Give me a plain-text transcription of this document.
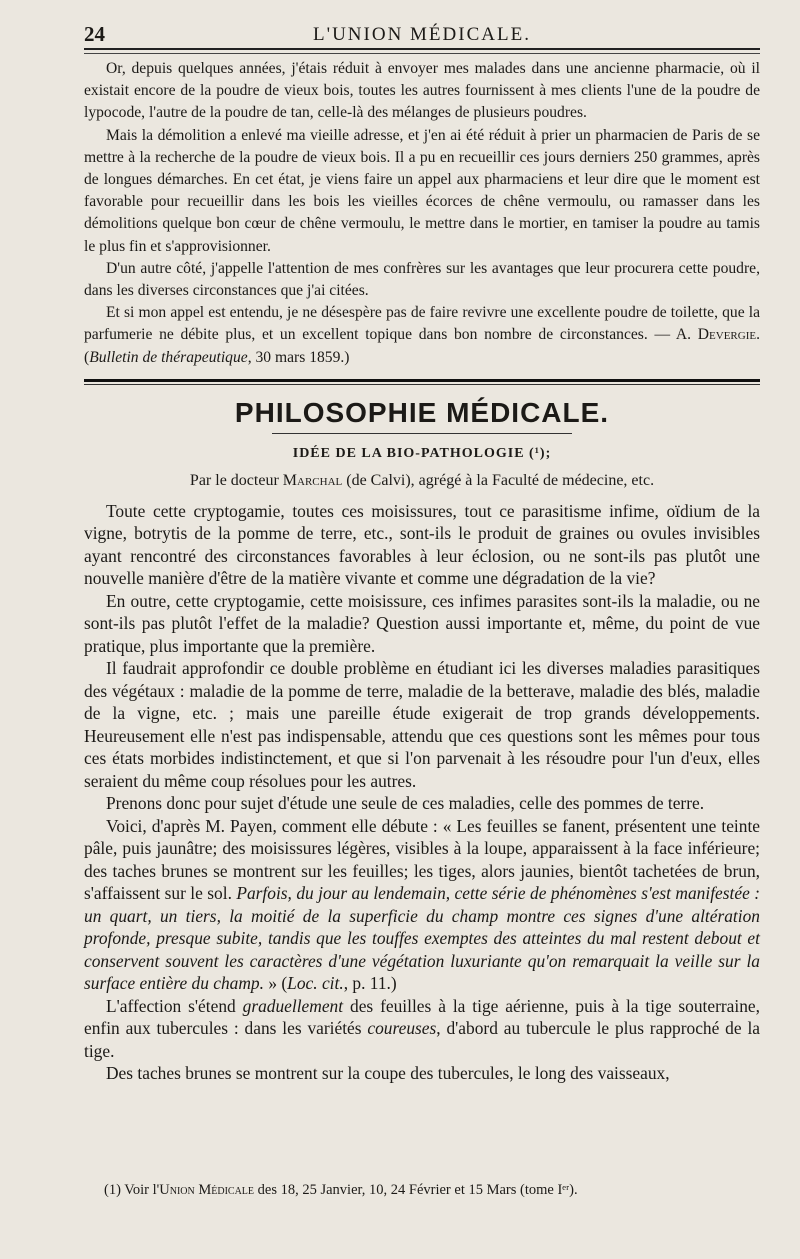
24	L'UNION MÉDICALE.

Or, depuis quelques années, j'étais réduit à envoyer mes malades dans une ancienne pharmacie, où il existait encore de la poudre de vieux bois, toutes les autres fournissent à mes clients l'une de la poudre de lypocode, l'autre de la poudre de tan, celle-là des mélanges de plusieurs poudres.

Mais la démolition a enlevé ma vieille adresse, et j'en ai été réduit à prier un pharmacien de Paris de se mettre à la recherche de la poudre de vieux bois. Il a pu en recueillir ces jours derniers 250 grammes, après de longues démarches. En cet état, je viens faire un appel aux pharmaciens et leur dire que le moment est favorable pour recueillir dans les bois les vieilles écorces de chêne vermoulu, ou ramasser dans les démolitions quelque bon cœur de chêne vermoulu, le mettre dans le mortier, en tamiser la poudre au tamis le plus fin et s'approvisionner.

D'un autre côté, j'appelle l'attention de mes confrères sur les avantages que leur procurera cette poudre, dans les diverses circonstances que j'ai citées.

Et si mon appel est entendu, je ne désespère pas de faire revivre une excellente poudre de toilette, que la parfumerie ne débite plus, et un excellent topique dans bon nombre de circonstances. — A. Devergie. (Bulletin de thérapeutique, 30 mars 1859.)

PHILOSOPHIE MÉDICALE.
IDÉE DE LA BIO-PATHOLOGIE (¹);
Par le docteur Marchal (de Calvi), agrégé à la Faculté de médecine, etc.

Toute cette cryptogamie, toutes ces moisissures, tout ce parasitisme infime, oïdium de la vigne, botrytis de la pomme de terre, etc., sont-ils le produit de graines ou ovules invisibles ayant rencontré des circonstances favorables à leur éclosion, ou ne sont-ils pas plutôt une nouvelle manière d'être de la matière vivante et comme une dégradation de la vie?

En outre, cette cryptogamie, cette moisissure, ces infimes parasites sont-ils la maladie, ou ne sont-ils pas plutôt l'effet de la maladie? Question aussi importante et, même, du point de vue pratique, plus importante que la première.

Il faudrait approfondir ce double problème en étudiant ici les diverses maladies parasitiques des végétaux : maladie de la pomme de terre, maladie de la betterave, maladie des blés, maladie de la vigne, etc. ; mais une pareille étude exigerait de trop grands développements. Heureusement elle n'est pas indispensable, attendu que ces questions sont les mêmes pour tous ces états morbides indistinctement, et que si l'on parvenait à les résoudre pour l'un d'eux, elles seraient du même coup résolues pour les autres.

Prenons donc pour sujet d'étude une seule de ces maladies, celle des pommes de terre.

Voici, d'après M. Payen, comment elle débute : « Les feuilles se fanent, présentent une teinte pâle, puis jaunâtre; des moisissures légères, visibles à la loupe, apparaissent à la face inférieure; des taches brunes se montrent sur les feuilles; les tiges, alors jaunies, bientôt tachetées de brun, s'affaissent sur le sol. Parfois, du jour au lendemain, cette série de phénomènes s'est manifestée : un quart, un tiers, la moitié de la superficie du champ montre ces signes d'une altération profonde, presque subite, tandis que les touffes exemptes des atteintes du mal restent debout et conservent souvent les caractères d'une végétation luxuriante qu'on remarquait la veille sur la surface entière du champ. » (Loc. cit., p. 11.)

L'affection s'étend graduellement des feuilles à la tige aérienne, puis à la tige souterraine, enfin aux tubercules : dans les variétés coureuses, d'abord au tubercule le plus rapproché de la tige.

Des taches brunes se montrent sur la coupe des tubercules, le long des vaisseaux,

(1) Voir l'Union Médicale des 18, 25 Janvier, 10, 24 Février et 15 Mars (tome Iᵉʳ).
